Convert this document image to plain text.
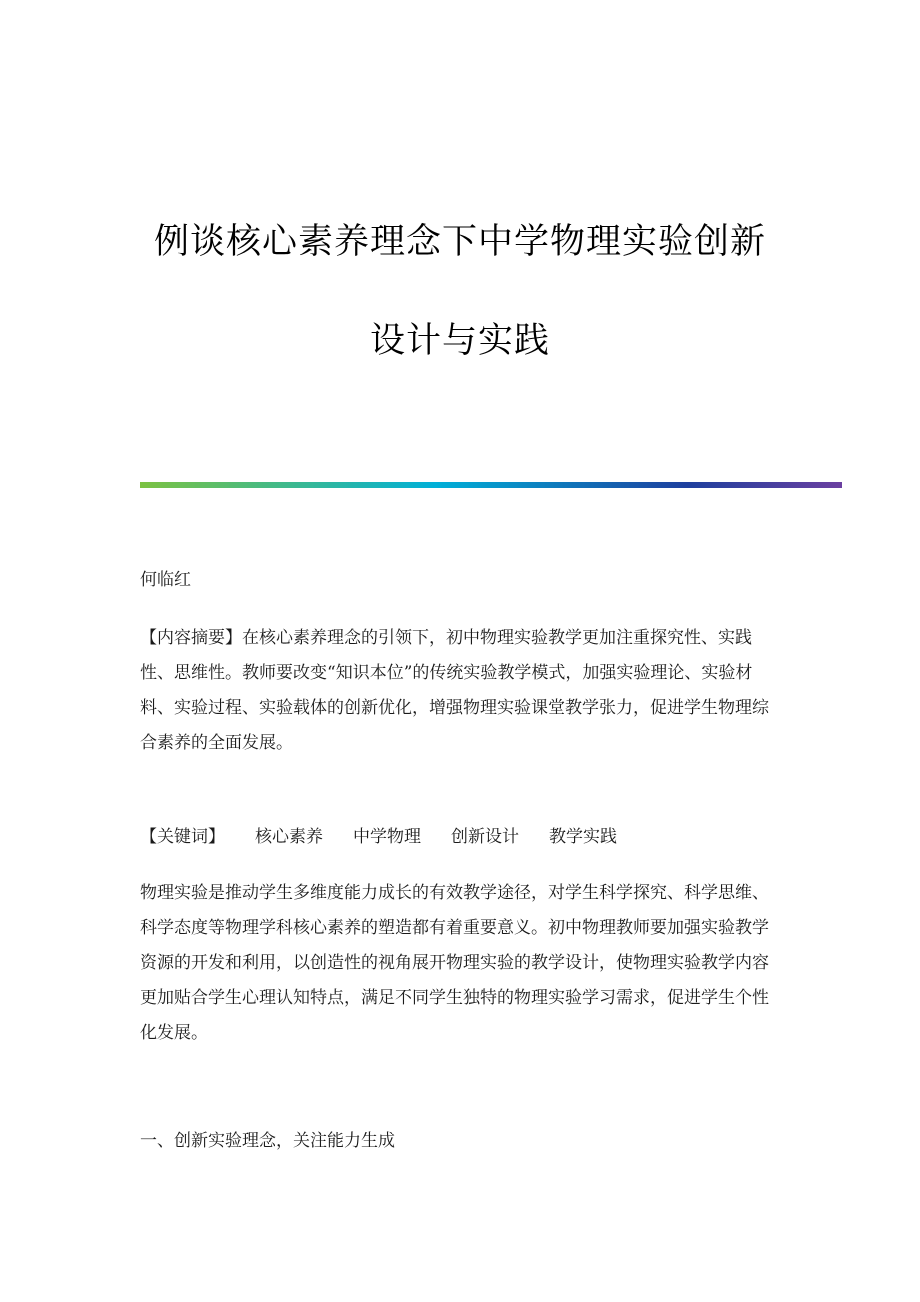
例谈核心素养理念下中学物理实验创新
设计与实践

何临红

【内容摘要】在核心素养理念的引领下，初中物理实验教学更加注重探究性、实践性、思维性。教师要改变“知识本位”的传统实验教学模式，加强实验理论、实验材料、实验过程、实验载体的创新优化，增强物理实验课堂教学张力，促进学生物理综合素养的全面发展。

【关键词】 核心素养 中学物理 创新设计 教学实践

物理实验是推动学生多维度能力成长的有效教学途径，对学生科学探究、科学思维、科学态度等物理学科核心素养的塑造都有着重要意义。初中物理教师要加强实验教学资源的开发和利用，以创造性的视角展开物理实验的教学设计，使物理实验教学内容更加贴合学生心理认知特点，满足不同学生独特的物理实验学习需求，促进学生个性化发展。

一、创新实验理念，关注能力生成
